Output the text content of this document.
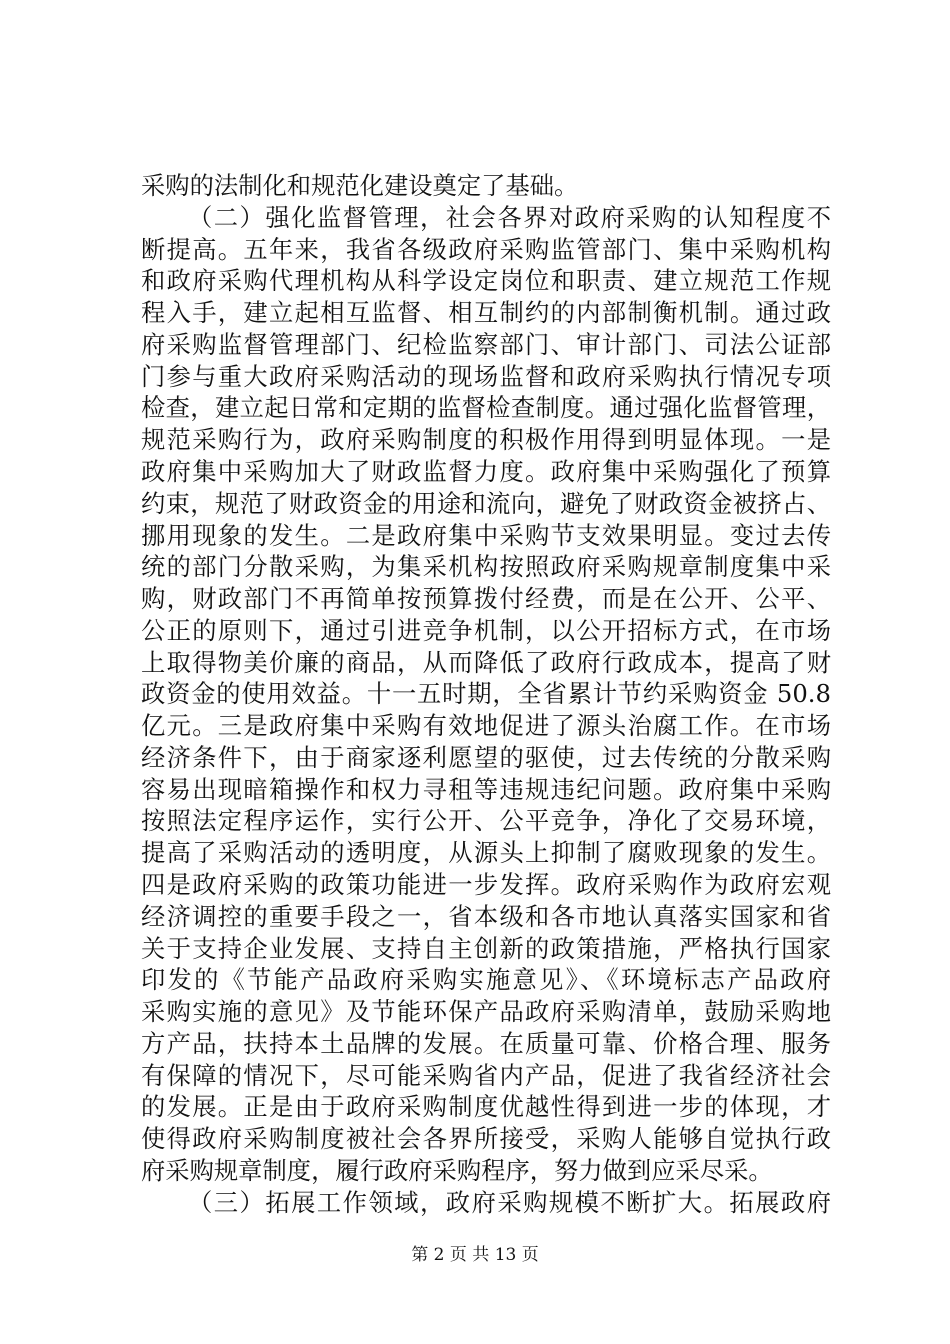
采购的法制化和规范化建设奠定了基础。
（二）强化监督管理，社会各界对政府采购的认知程度不
断提高。五年来，我省各级政府采购监管部门、集中采购机构
和政府采购代理机构从科学设定岗位和职责、建立规范工作规
程入手，建立起相互监督、相互制约的内部制衡机制。通过政
府采购监督管理部门、纪检监察部门、审计部门、司法公证部
门参与重大政府采购活动的现场监督和政府采购执行情况专项
检查，建立起日常和定期的监督检查制度。通过强化监督管理，
规范采购行为，政府采购制度的积极作用得到明显体现。一是
政府集中采购加大了财政监督力度。政府集中采购强化了预算
约束，规范了财政资金的用途和流向，避免了财政资金被挤占、
挪用现象的发生。二是政府集中采购节支效果明显。变过去传
统的部门分散采购，为集采机构按照政府采购规章制度集中采
购，财政部门不再简单按预算拨付经费，而是在公开、公平、
公正的原则下，通过引进竞争机制，以公开招标方式，在市场
上取得物美价廉的商品，从而降低了政府行政成本，提高了财
政资金的使用效益。十一五时期，全省累计节约采购资金 50.8
亿元。三是政府集中采购有效地促进了源头治腐工作。在市场
经济条件下，由于商家逐利愿望的驱使，过去传统的分散采购
容易出现暗箱操作和权力寻租等违规违纪问题。政府集中采购
按照法定程序运作，实行公开、公平竞争，净化了交易环境，
提高了采购活动的透明度，从源头上抑制了腐败现象的发生。
四是政府采购的政策功能进一步发挥。政府采购作为政府宏观
经济调控的重要手段之一，省本级和各市地认真落实国家和省
关于支持企业发展、支持自主创新的政策措施，严格执行国家
印发的《节能产品政府采购实施意见》、《环境标志产品政府
采购实施的意见》及节能环保产品政府采购清单，鼓励采购地
方产品，扶持本土品牌的发展。在质量可靠、价格合理、服务
有保障的情况下，尽可能采购省内产品，促进了我省经济社会
的发展。正是由于政府采购制度优越性得到进一步的体现，才
使得政府采购制度被社会各界所接受，采购人能够自觉执行政
府采购规章制度，履行政府采购程序，努力做到应采尽采。
（三）拓展工作领域，政府采购规模不断扩大。拓展政府
第 2 页 共 13 页
